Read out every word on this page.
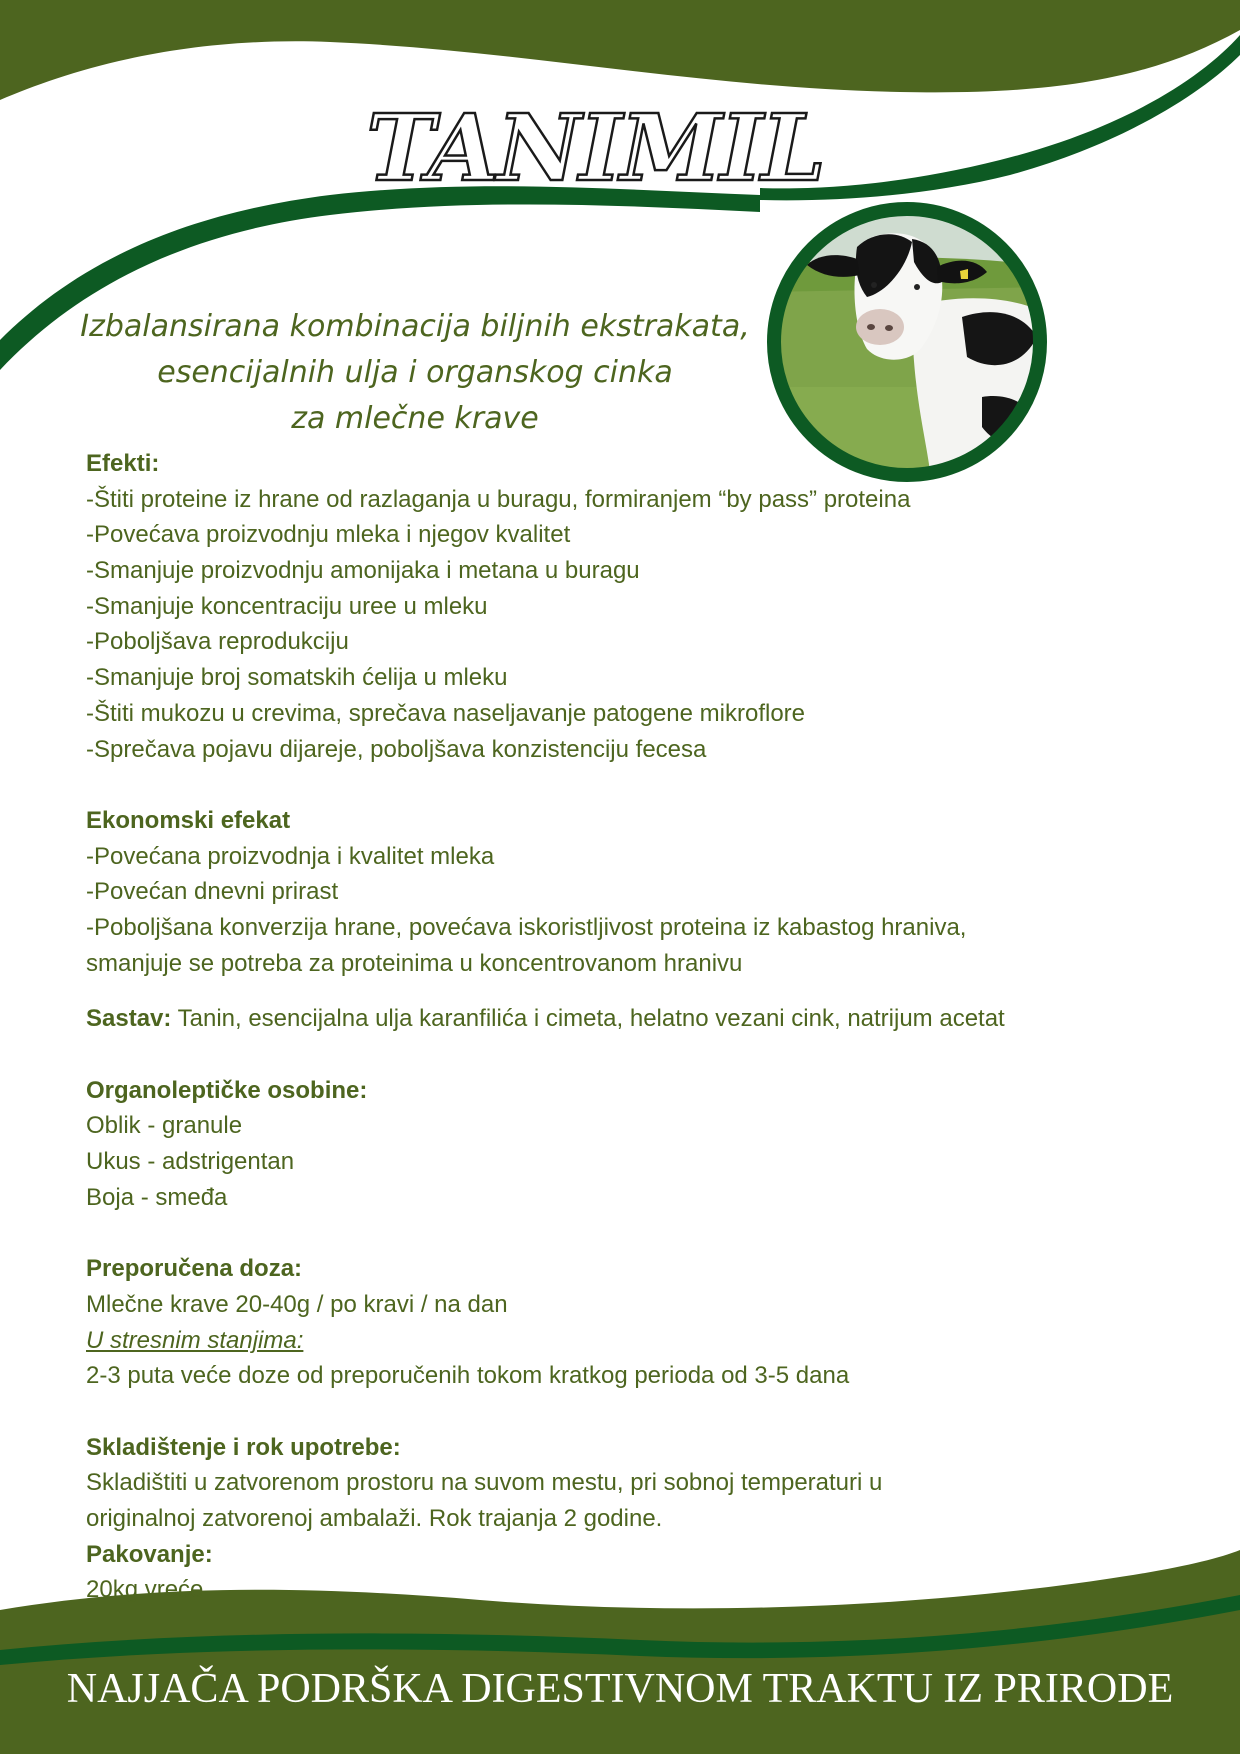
TANIMIL
Izbalansirana kombinacija biljnih ekstrakata,
esencijalnih ulja i organskog cinka
za mlečne krave
Efekti:
-Štiti proteine iz hrane od razlaganja u buragu, formiranjem “by pass” proteina
-Povećava proizvodnju mleka i njegov kvalitet
-Smanjuje proizvodnju amonijaka i metana u buragu
-Smanjuje koncentraciju uree u mleku
-Poboljšava reprodukciju
-Smanjuje broj somatskih ćelija u mleku
-Štiti mukozu u crevima, sprečava naseljavanje patogene mikroflore
-Sprečava pojavu dijareje, poboljšava konzistenciju fecesa
Ekonomski efekat
-Povećana proizvodnja i kvalitet mleka
-Povećan dnevni prirast
-Poboljšana konverzija hrane, povećava iskoristljivost proteina iz kabastog hraniva,
smanjuje se potreba za proteinima u koncentrovanom hranivu
Sastav: Tanin, esencijalna ulja karanfilića i cimeta, helatno vezani cink, natrijum acetat
Organoleptičke osobine:
Oblik - granule
Ukus - adstrigentan
Boja - smeđa
Preporučena doza:
Mlečne krave 20-40g / po kravi / na dan
U stresnim stanjima:
2-3 puta veće doze od preporučenih tokom kratkog perioda od 3-5 dana
Skladištenje i rok upotrebe:
Skladištiti u zatvorenom prostoru na suvom mestu, pri sobnoj temperaturi u
originalnoj zatvorenoj ambalaži. Rok trajanja 2 godine.
Pakovanje:
20kg vreće
NAJJAČA PODRŠKA DIGESTIVNOM TRAKTU IZ PRIRODE
